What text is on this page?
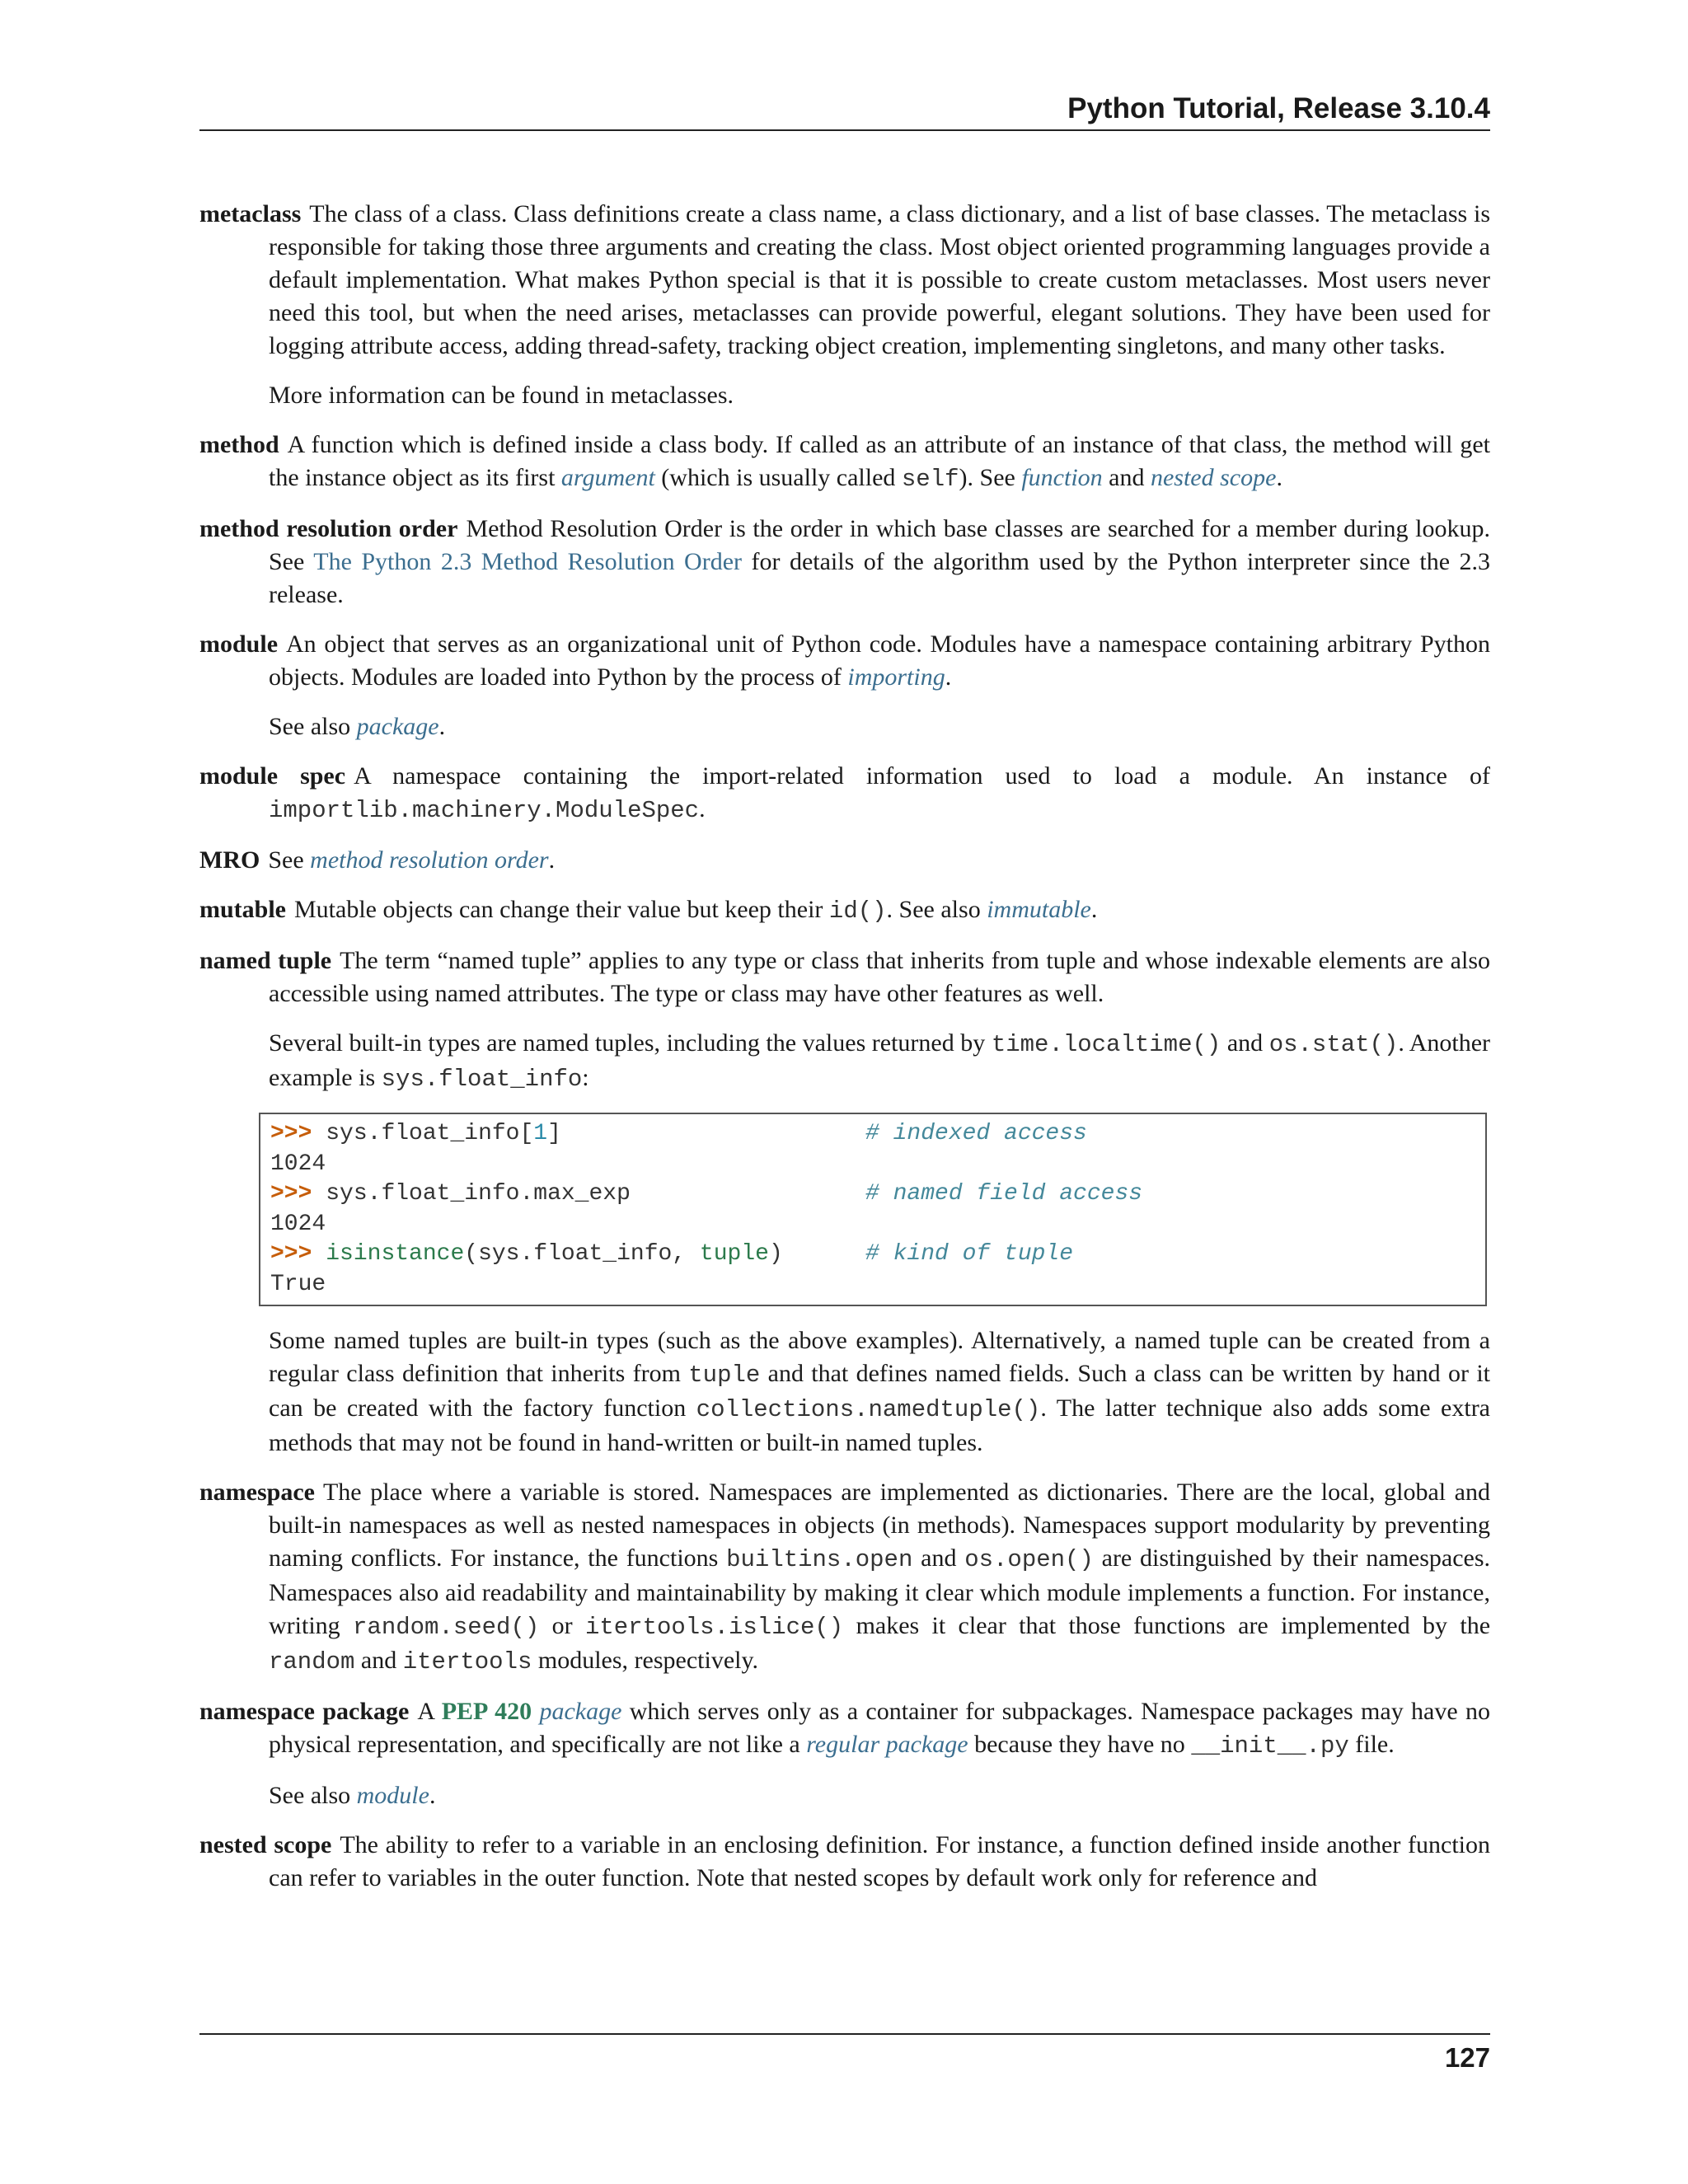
Python Tutorial, Release 3.10.4

metaclass The class of a class. Class definitions create a class name, a class dictionary, and a list of base classes. The metaclass is responsible for taking those three arguments and creating the class. Most object oriented programming languages provide a default implementation. What makes Python special is that it is possible to create custom metaclasses. Most users never need this tool, but when the need arises, metaclasses can provide powerful, elegant solutions. They have been used for logging attribute access, adding thread-safety, tracking object creation, implementing singletons, and many other tasks.

More information can be found in metaclasses.

method A function which is defined inside a class body. If called as an attribute of an instance of that class, the method will get the instance object as its first argument (which is usually called self). See function and nested scope.

method resolution order Method Resolution Order is the order in which base classes are searched for a member during lookup. See The Python 2.3 Method Resolution Order for details of the algorithm used by the Python interpreter since the 2.3 release.

module An object that serves as an organizational unit of Python code. Modules have a namespace containing arbitrary Python objects. Modules are loaded into Python by the process of importing.

See also package.

module spec A namespace containing the import-related information used to load a module. An instance of importlib.machinery.ModuleSpec.

MRO See method resolution order.

mutable Mutable objects can change their value but keep their id(). See also immutable.

named tuple The term “named tuple” applies to any type or class that inherits from tuple and whose indexable elements are also accessible using named attributes. The type or class may have other features as well.

Several built-in types are named tuples, including the values returned by time.localtime() and os.stat(). Another example is sys.float_info:

>>> sys.float_info[1]	# indexed access
1024
>>> sys.float_info.max_exp	# named field access
1024
>>> isinstance(sys.float_info, tuple)	# kind of tuple
True

Some named tuples are built-in types (such as the above examples). Alternatively, a named tuple can be created from a regular class definition that inherits from tuple and that defines named fields. Such a class can be written by hand or it can be created with the factory function collections.namedtuple(). The latter technique also adds some extra methods that may not be found in hand-written or built-in named tuples.

namespace The place where a variable is stored. Namespaces are implemented as dictionaries. There are the local, global and built-in namespaces as well as nested namespaces in objects (in methods). Namespaces support modularity by preventing naming conflicts. For instance, the functions builtins.open and os.open() are distinguished by their namespaces. Namespaces also aid readability and maintainability by making it clear which module implements a function. For instance, writing random.seed() or itertools.islice() makes it clear that those functions are implemented by the random and itertools modules, respectively.

namespace package A PEP 420 package which serves only as a container for subpackages. Namespace packages may have no physical representation, and specifically are not like a regular package because they have no __init__.py file.

See also module.

nested scope The ability to refer to a variable in an enclosing definition. For instance, a function defined inside another function can refer to variables in the outer function. Note that nested scopes by default work only for reference and

127
